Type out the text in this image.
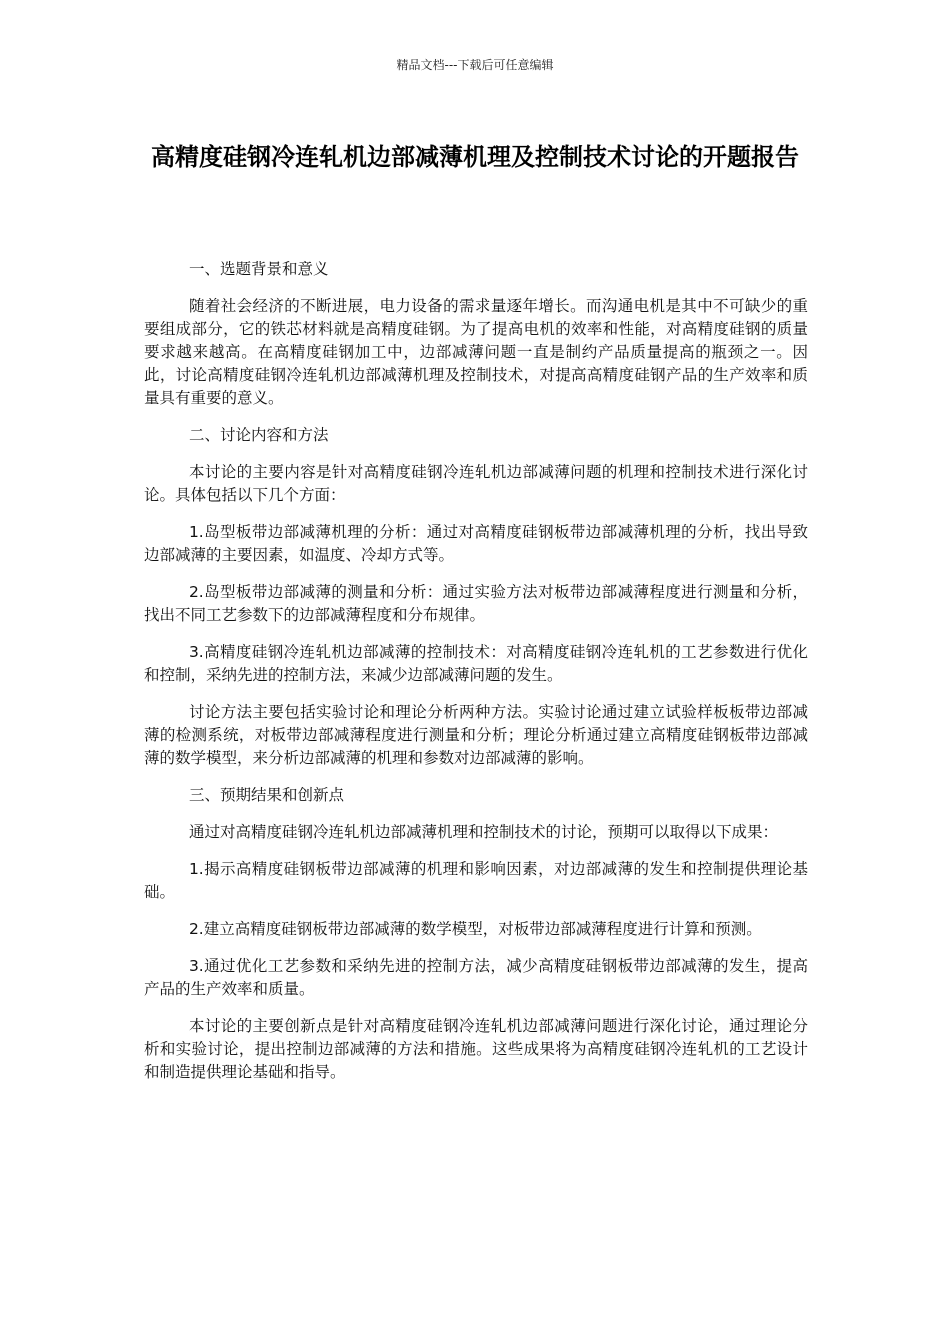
精品文档---下载后可任意编辑
高精度硅钢冷连轧机边部减薄机理及控制技术讨论的开题报告

一、选题背景和意义

随着社会经济的不断进展，电力设备的需求量逐年增长。而沟通电机是其中不可缺少的重要组成部分，它的铁芯材料就是高精度硅钢。为了提高电机的效率和性能，对高精度硅钢的质量要求越来越高。在高精度硅钢加工中，边部减薄问题一直是制约产品质量提高的瓶颈之一。因此，讨论高精度硅钢冷连轧机边部减薄机理及控制技术，对提高高精度硅钢产品的生产效率和质量具有重要的意义。

二、讨论内容和方法

本讨论的主要内容是针对高精度硅钢冷连轧机边部减薄问题的机理和控制技术进行深化讨论。具体包括以下几个方面：

1.岛型板带边部减薄机理的分析：通过对高精度硅钢板带边部减薄机理的分析，找出导致边部减薄的主要因素，如温度、冷却方式等。

2.岛型板带边部减薄的测量和分析：通过实验方法对板带边部减薄程度进行测量和分析，找出不同工艺参数下的边部减薄程度和分布规律。

3.高精度硅钢冷连轧机边部减薄的控制技术：对高精度硅钢冷连轧机的工艺参数进行优化和控制，采纳先进的控制方法，来减少边部减薄问题的发生。

讨论方法主要包括实验讨论和理论分析两种方法。实验讨论通过建立试验样板板带边部减薄的检测系统，对板带边部减薄程度进行测量和分析；理论分析通过建立高精度硅钢板带边部减薄的数学模型，来分析边部减薄的机理和参数对边部减薄的影响。

三、预期结果和创新点

通过对高精度硅钢冷连轧机边部减薄机理和控制技术的讨论，预期可以取得以下成果：

1.揭示高精度硅钢板带边部减薄的机理和影响因素，对边部减薄的发生和控制提供理论基础。

2.建立高精度硅钢板带边部减薄的数学模型，对板带边部减薄程度进行计算和预测。

3.通过优化工艺参数和采纳先进的控制方法，减少高精度硅钢板带边部减薄的发生，提高产品的生产效率和质量。

本讨论的主要创新点是针对高精度硅钢冷连轧机边部减薄问题进行深化讨论，通过理论分析和实验讨论，提出控制边部减薄的方法和措施。这些成果将为高精度硅钢冷连轧机的工艺设计和制造提供理论基础和指导。
